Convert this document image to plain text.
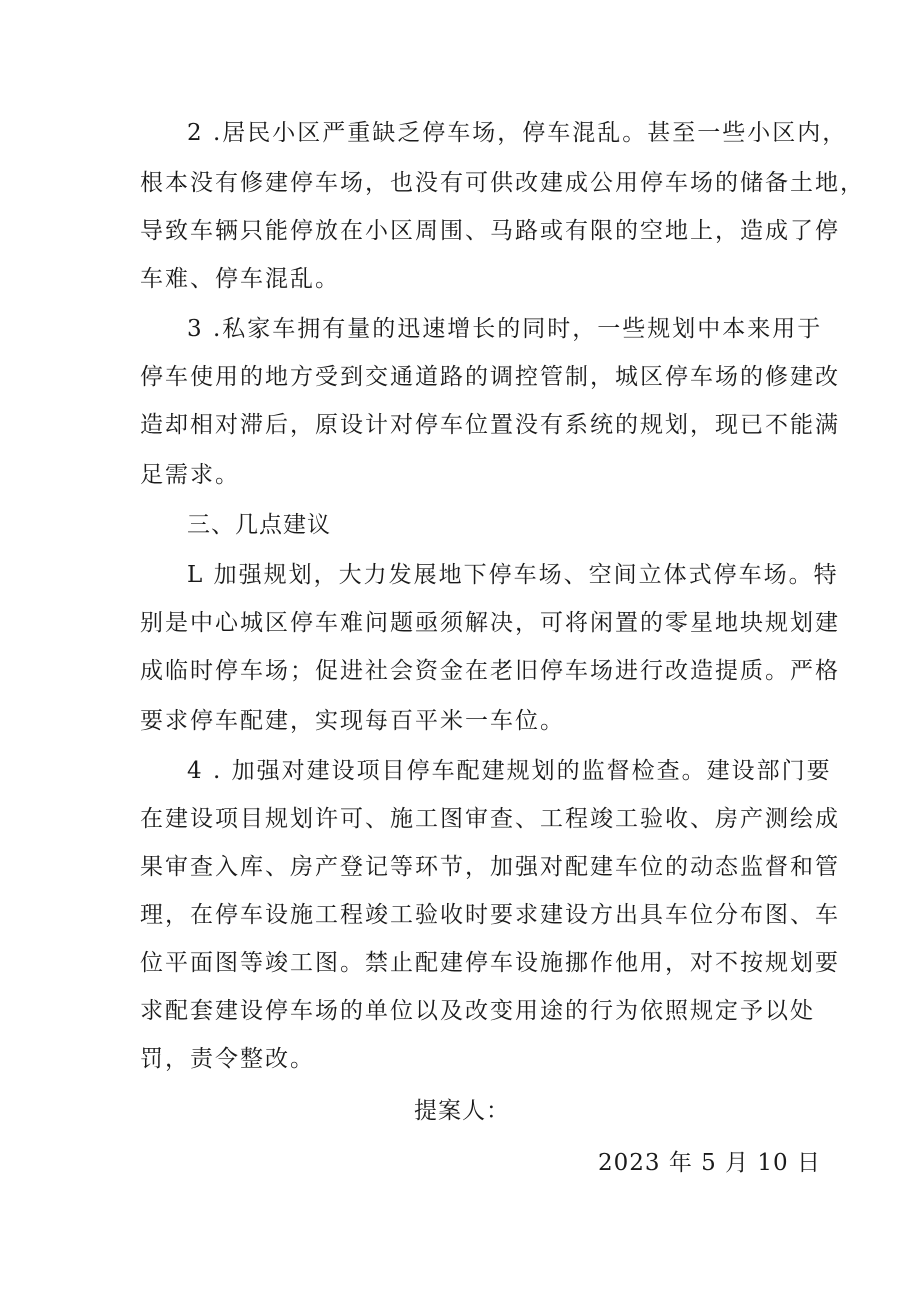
2 .居民小区严重缺乏停车场，停车混乱。甚至一些小区内，
根本没有修建停车场，也没有可供改建成公用停车场的储备土地，
导致车辆只能停放在小区周围、马路或有限的空地上，造成了停
车难、停车混乱。
3 .私家车拥有量的迅速增长的同时，一些规划中本来用于
停车使用的地方受到交通道路的调控管制，城区停车场的修建改
造却相对滞后，原设计对停车位置没有系统的规划，现已不能满
足需求。
三、几点建议
L 加强规划，大力发展地下停车场、空间立体式停车场。特
别是中心城区停车难问题亟须解决，可将闲置的零星地块规划建
成临时停车场；促进社会资金在老旧停车场进行改造提质。严格
要求停车配建，实现每百平米一车位。
4 . 加强对建设项目停车配建规划的监督检查。建设部门要
在建设项目规划许可、施工图审查、工程竣工验收、房产测绘成
果审查入库、房产登记等环节，加强对配建车位的动态监督和管
理，在停车设施工程竣工验收时要求建设方出具车位分布图、车
位平面图等竣工图。禁止配建停车设施挪作他用，对不按规划要
求配套建设停车场的单位以及改变用途的行为依照规定予以处
罚，责令整改。
提案人：
2023 年 5 月 10 日
